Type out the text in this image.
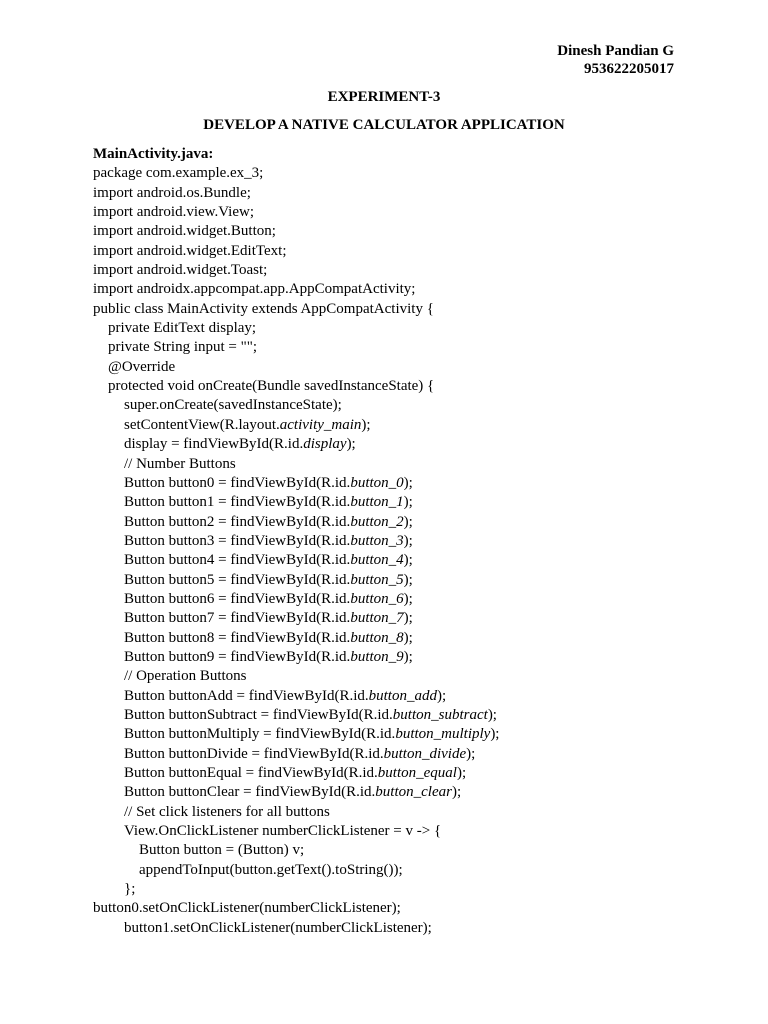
Dinesh Pandian G
953622205017
EXPERIMENT-3
DEVELOP A NATIVE CALCULATOR APPLICATION
MainActivity.java:
package com.example.ex_3;
import android.os.Bundle;
import android.view.View;
import android.widget.Button;
import android.widget.EditText;
import android.widget.Toast;
import androidx.appcompat.app.AppCompatActivity;
public class MainActivity extends AppCompatActivity {
private EditText display;
private String input = "";
@Override
protected void onCreate(Bundle savedInstanceState) {
super.onCreate(savedInstanceState);
setContentView(R.layout.activity_main);
display = findViewById(R.id.display);
// Number Buttons
Button button0 = findViewById(R.id.button_0);
Button button1 = findViewById(R.id.button_1);
Button button2 = findViewById(R.id.button_2);
Button button3 = findViewById(R.id.button_3);
Button button4 = findViewById(R.id.button_4);
Button button5 = findViewById(R.id.button_5);
Button button6 = findViewById(R.id.button_6);
Button button7 = findViewById(R.id.button_7);
Button button8 = findViewById(R.id.button_8);
Button button9 = findViewById(R.id.button_9);
// Operation Buttons
Button buttonAdd = findViewById(R.id.button_add);
Button buttonSubtract = findViewById(R.id.button_subtract);
Button buttonMultiply = findViewById(R.id.button_multiply);
Button buttonDivide = findViewById(R.id.button_divide);
Button buttonEqual = findViewById(R.id.button_equal);
Button buttonClear = findViewById(R.id.button_clear);
// Set click listeners for all buttons
View.OnClickListener numberClickListener = v -> {
Button button = (Button) v;
appendToInput(button.getText().toString());
};
button0.setOnClickListener(numberClickListener);
button1.setOnClickListener(numberClickListener);
